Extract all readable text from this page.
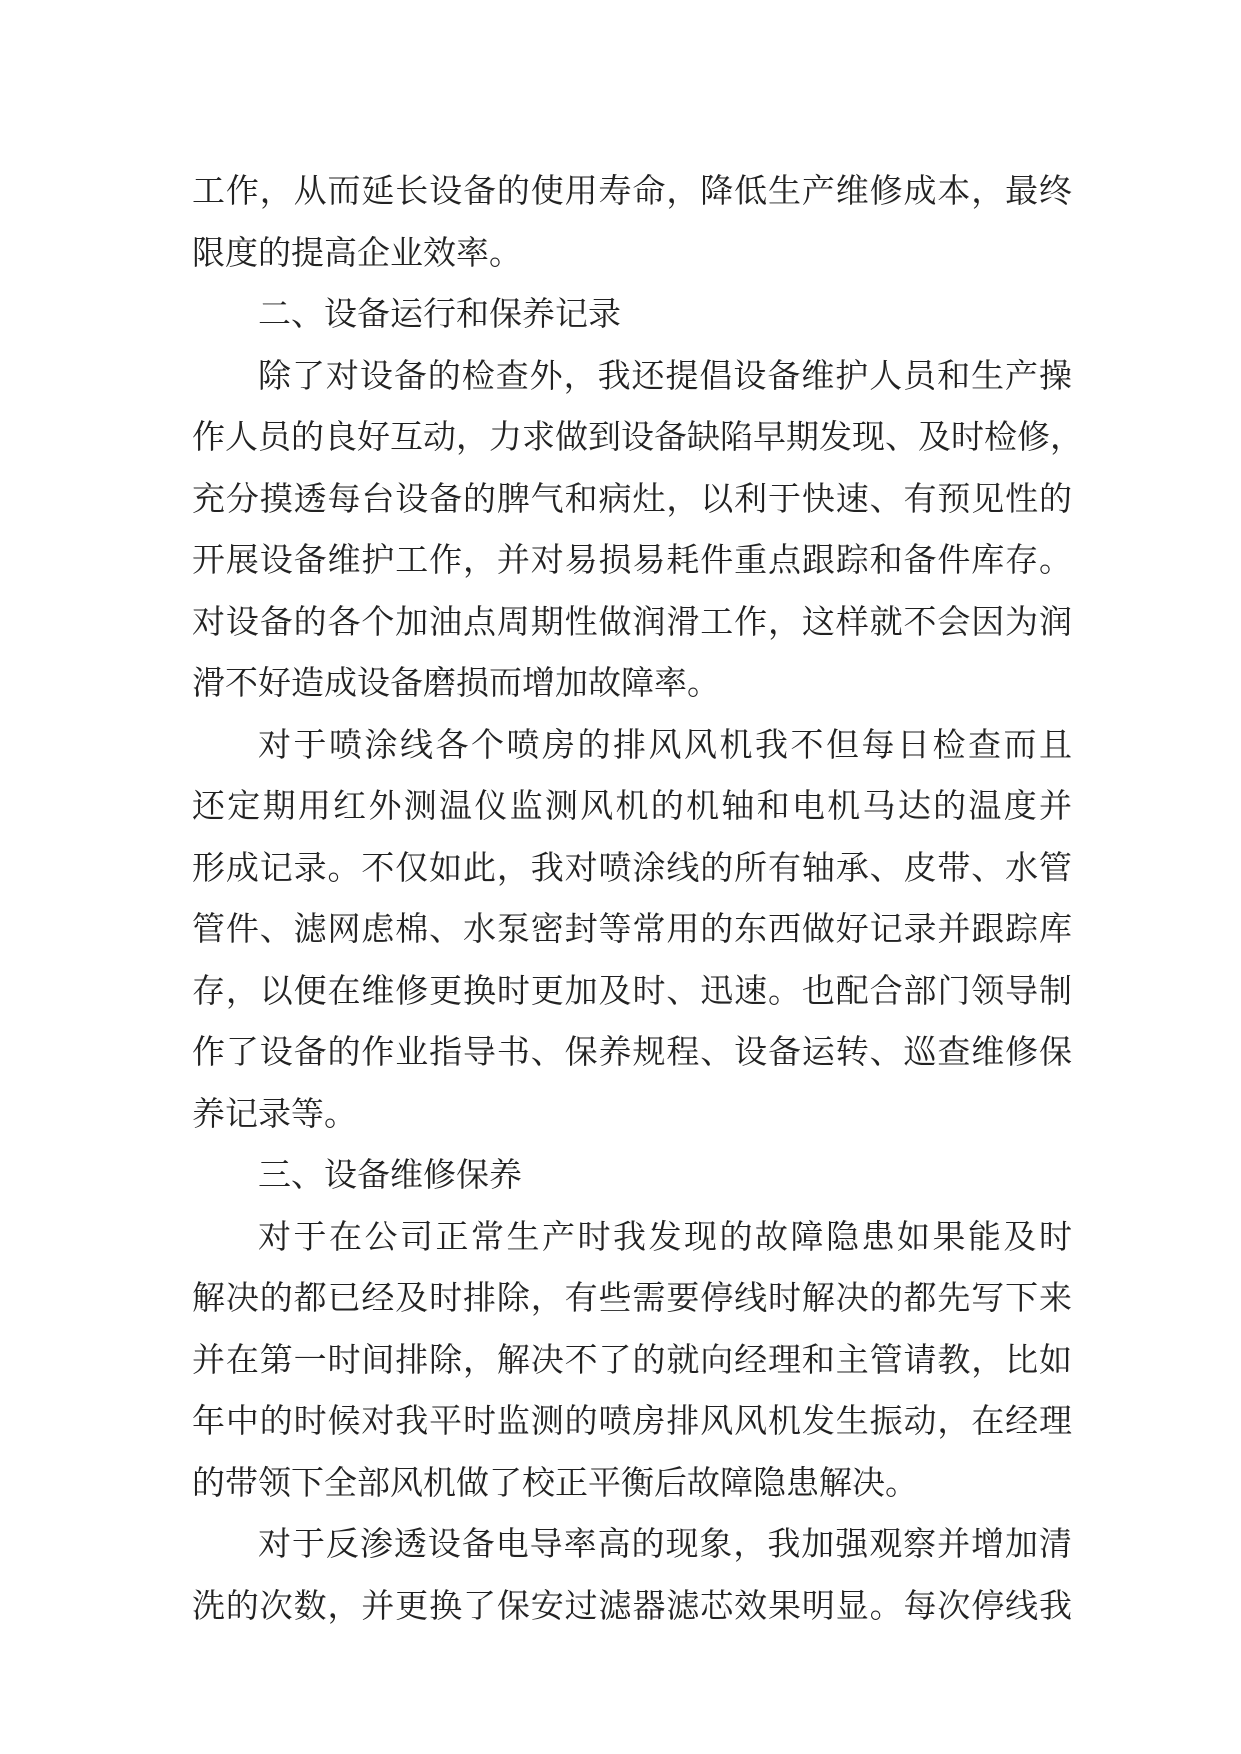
工作，从而延长设备的使用寿命，降低生产维修成本，最终
限度的提高企业效率。
二、设备运行和保养记录
除了对设备的检查外，我还提倡设备维护人员和生产操
作人员的良好互动，力求做到设备缺陷早期发现、及时检修，
充分摸透每台设备的脾气和病灶，以利于快速、有预见性的
开展设备维护工作，并对易损易耗件重点跟踪和备件库存。
对设备的各个加油点周期性做润滑工作，这样就不会因为润
滑不好造成设备磨损而增加故障率。
对于喷涂线各个喷房的排风风机我不但每日检查而且
还定期用红外测温仪监测风机的机轴和电机马达的温度并
形成记录。不仅如此，我对喷涂线的所有轴承、皮带、水管
管件、滤网虑棉、水泵密封等常用的东西做好记录并跟踪库
存，以便在维修更换时更加及时、迅速。也配合部门领导制
作了设备的作业指导书、保养规程、设备运转、巡查维修保
养记录等。
三、设备维修保养
对于在公司正常生产时我发现的故障隐患如果能及时
解决的都已经及时排除，有些需要停线时解决的都先写下来
并在第一时间排除，解决不了的就向经理和主管请教，比如
年中的时候对我平时监测的喷房排风风机发生振动，在经理
的带领下全部风机做了校正平衡后故障隐患解决。
对于反渗透设备电导率高的现象，我加强观察并增加清
洗的次数，并更换了保安过滤器滤芯效果明显。每次停线我
